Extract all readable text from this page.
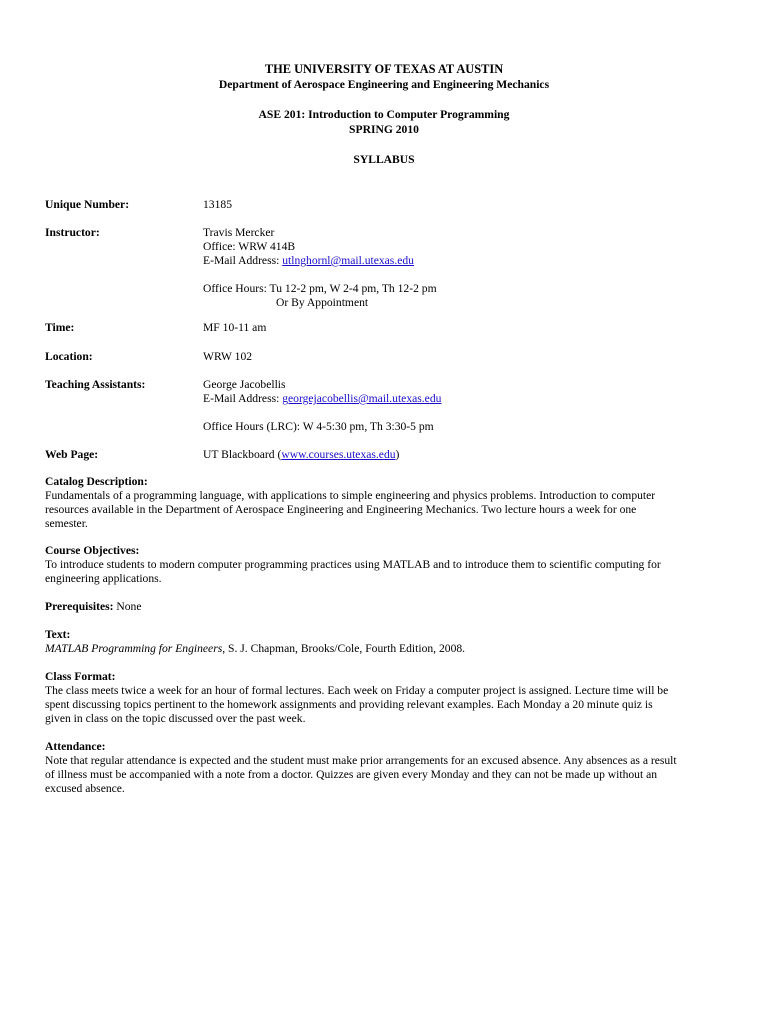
THE UNIVERSITY OF TEXAS AT AUSTIN
Department of Aerospace Engineering and Engineering Mechanics
ASE 201: Introduction to Computer Programming
SPRING 2010
SYLLABUS
Unique Number:	13185
Instructor:	Travis Mercker
Office: WRW 414B
E-Mail Address: utlnghornl@mail.utexas.edu
Office Hours: Tu 12-2 pm, W 2-4 pm, Th 12-2 pm
Or By Appointment
Time:	MF 10-11 am
Location:	WRW 102
Teaching Assistants:	George Jacobellis
E-Mail Address: georgejacobellis@mail.utexas.edu
Office Hours (LRC): W 4-5:30 pm, Th 3:30-5 pm
Web Page:	UT Blackboard (www.courses.utexas.edu)
Catalog Description:
Fundamentals of a programming language, with applications to simple engineering and physics problems. Introduction to computer
resources available in the Department of Aerospace Engineering and Engineering Mechanics. Two lecture hours a week for one
semester.
Course Objectives:
To introduce students to modern computer programming practices using MATLAB and to introduce them to scientific computing for
engineering applications.
Prerequisites: None
Text:
MATLAB Programming for Engineers, S. J. Chapman, Brooks/Cole, Fourth Edition, 2008.
Class Format:
The class meets twice a week for an hour of formal lectures. Each week on Friday a computer project is assigned. Lecture time will be
spent discussing topics pertinent to the homework assignments and providing relevant examples. Each Monday a 20 minute quiz is
given in class on the topic discussed over the past week.
Attendance:
Note that regular attendance is expected and the student must make prior arrangements for an excused absence. Any absences as a result
of illness must be accompanied with a note from a doctor. Quizzes are given every Monday and they can not be made up without an
excused absence.
